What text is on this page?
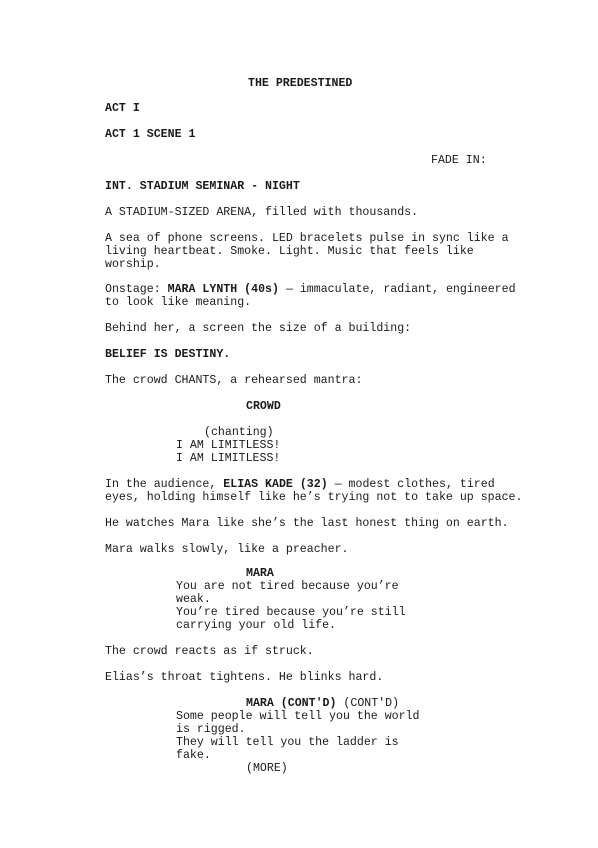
THE PREDESTINED
ACT I
ACT 1 SCENE 1
FADE IN:
INT. STADIUM SEMINAR - NIGHT
A STADIUM-SIZED ARENA, filled with thousands.
A sea of phone screens. LED bracelets pulse in sync like a
living heartbeat. Smoke. Light. Music that feels like
worship.
Onstage: MARA LYNTH (40s) — immaculate, radiant, engineered
to look like meaning.
Behind her, a screen the size of a building:
BELIEF IS DESTINY.
The crowd CHANTS, a rehearsed mantra:
CROWD
(chanting)
I AM LIMITLESS!
I AM LIMITLESS!
In the audience, ELIAS KADE (32) — modest clothes, tired
eyes, holding himself like he’s trying not to take up space.
He watches Mara like she’s the last honest thing on earth.
Mara walks slowly, like a preacher.
MARA
You are not tired because you’re
weak.
You’re tired because you’re still
carrying your old life.
The crowd reacts as if struck.
Elias’s throat tightens. He blinks hard.
MARA (CONT'D) (CONT'D)
Some people will tell you the world
is rigged.
They will tell you the ladder is
fake.
(MORE)
